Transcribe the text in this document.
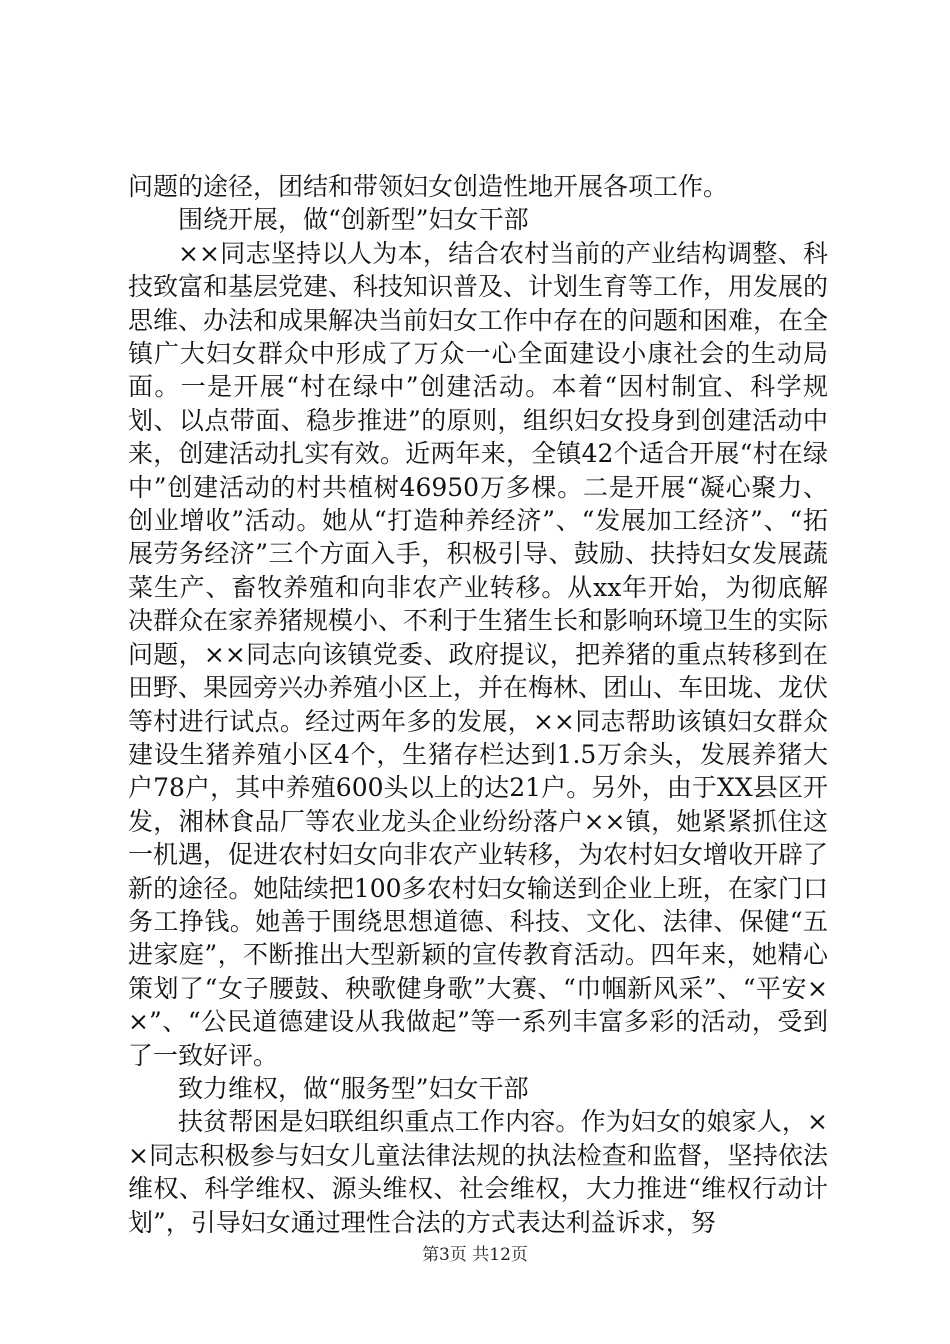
问题的途径，团结和带领妇女创造性地开展各项工作。

围绕开展，做“创新型”妇女干部

××同志坚持以人为本，结合农村当前的产业结构调整、科技致富和基层党建、科技知识普及、计划生育等工作，用发展的思维、办法和成果解决当前妇女工作中存在的问题和困难，在全镇广大妇女群众中形成了万众一心全面建设小康社会的生动局面。一是开展“村在绿中”创建活动。本着“因村制宜、科学规划、以点带面、稳步推进”的原则，组织妇女投身到创建活动中来，创建活动扎实有效。近两年来，全镇42个适合开展“村在绿中”创建活动的村共植树46950万多棵。二是开展“凝心聚力、创业增收”活动。她从“打造种养经济”、“发展加工经济”、“拓展劳务经济”三个方面入手，积极引导、鼓励、扶持妇女发展蔬菜生产、畜牧养殖和向非农产业转移。从xx年开始，为彻底解决群众在家养猪规模小、不利于生猪生长和影响环境卫生的实际问题，××同志向该镇党委、政府提议，把养猪的重点转移到在田野、果园旁兴办养殖小区上，并在梅林、团山、车田垅、龙伏等村进行试点。经过两年多的发展，××同志帮助该镇妇女群众建设生猪养殖小区4个，生猪存栏达到1.5万余头，发展养猪大户78户，其中养殖600头以上的达21户。另外，由于XX县区开发，湘林食品厂等农业龙头企业纷纷落户××镇，她紧紧抓住这一机遇，促进农村妇女向非农产业转移，为农村妇女增收开辟了新的途径。她陆续把100多农村妇女输送到企业上班，在家门口务工挣钱。她善于围绕思想道德、科技、文化、法律、保健“五进家庭”，不断推出大型新颖的宣传教育活动。四年来，她精心策划了“女子腰鼓、秧歌健身歌”大赛、“巾帼新风采”、“平安××”、“公民道德建设从我做起”等一系列丰富多彩的活动，受到了一致好评。

致力维权，做“服务型”妇女干部

扶贫帮困是妇联组织重点工作内容。作为妇女的娘家人，××同志积极参与妇女儿童法律法规的执法检查和监督，坚持依法维权、科学维权、源头维权、社会维权，大力推进“维权行动计划”，引导妇女通过理性合法的方式表达利益诉求，努

第3页 共12页
